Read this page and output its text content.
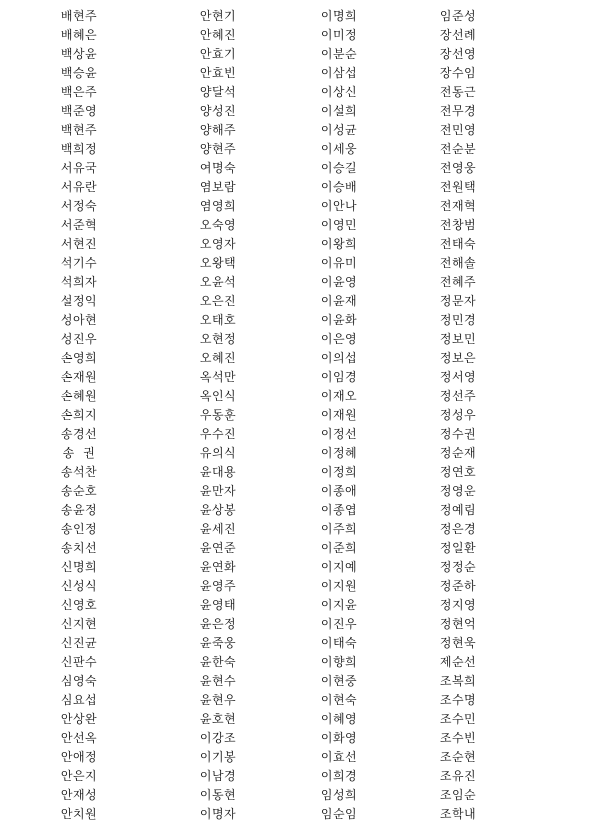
배현주	안현기	이명희	임준성
배혜은	안혜진	이미정	장선례
백상윤	안효기	이분순	장선영
백승윤	안효빈	이삼섭	장수임
백은주	양달석	이상신	전동근
백준영	양성진	이설희	전무경
백현주	양해주	이성균	전민영
백희정	양현주	이세웅	전순분
서유국	여명숙	이승길	전영웅
서유란	염보람	이승배	전원택
서정숙	염영희	이안나	전재혁
서준혁	오숙영	이영민	전창범
서현진	오영자	이왕희	전태숙
석기수	오왕택	이유미	전해솔
석희자	오윤석	이윤영	전혜주
설정익	오은진	이윤재	정문자
성아현	오태호	이윤화	정민경
성진우	오현정	이은영	정보민
손영희	오혜진	이의섭	정보은
손재원	옥석만	이임경	정서영
손혜원	옥인식	이재오	정선주
손희지	우동훈	이재원	정성우
송경선	우수진	이정선	정수권
송  권	유의식	이정혜	정순재
송석찬	윤대용	이정희	정연호
송순호	윤만자	이종애	정영운
송윤정	윤상봉	이종엽	정예림
송인정	윤세진	이주희	정은경
송치선	윤연준	이준희	정일환
신명희	윤연화	이지예	정정순
신성식	윤영주	이지원	정준하
신영호	윤영태	이지윤	정지영
신지현	윤은정	이진우	정현억
신진균	윤죽웅	이태숙	정현욱
신판수	윤한숙	이향희	제순선
심영숙	윤현수	이현중	조복희
심요섭	윤현우	이현숙	조수명
안상완	윤호현	이혜영	조수민
안선옥	이강조	이화영	조수빈
안애정	이기봉	이효선	조순현
안은지	이남경	이희경	조유진
안재성	이동현	임성희	조임순
안치원	이명자	임순임	조학내
